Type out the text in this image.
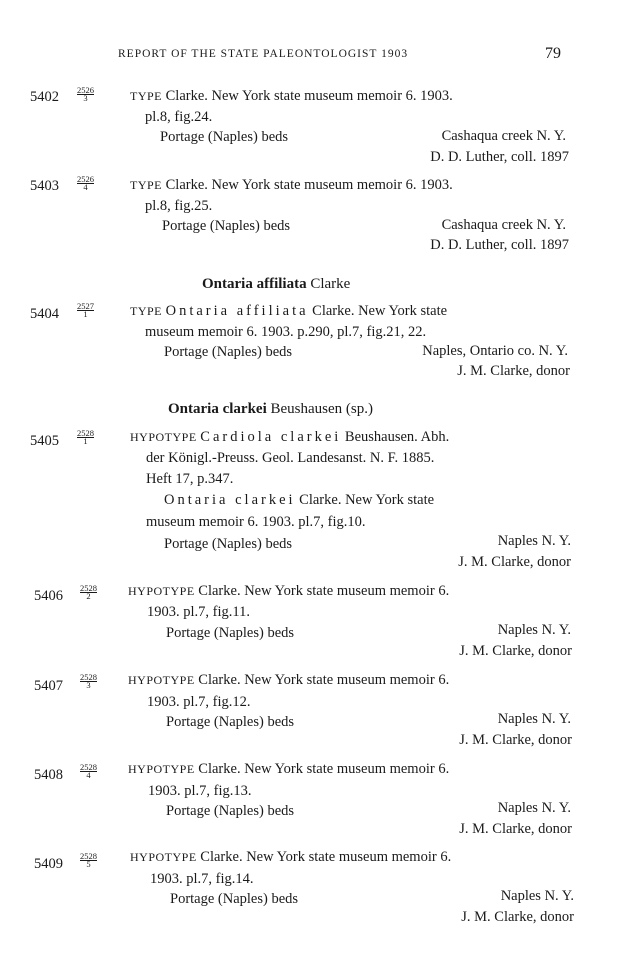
REPORT OF THE STATE PALEONTOLOGIST 1903	79
$5402 \frac{2526}{3}$	TYPE Clarke. New York state museum memoir 6. 1903.
pl.8, fig.24.
Portage (Naples) beds	Cashaqua creek N. Y.
D. D. Luther, coll. 1897
$5403 \frac{2526}{4}$	TYPE Clarke. New York state museum memoir 6. 1903.
pl.8, fig.25.
Portage (Naples) beds	Cashaqua creek N. Y.
D. D. Luther, coll. 1897
Ontaria affiliata Clarke
$5404 \frac{2527}{1}$	TYPE Ontaria affiliata Clarke. New York state
museum memoir 6. 1903. p.290, pl.7, fig.21, 22.
Portage (Naples) beds	Naples, Ontario co. N. Y.
J. M. Clarke, donor
Ontaria clarkei Beushausen (sp.)
$5405 \frac{2528}{1}$	HYPOTYPE Cardiola clarkei Beushausen. Abh.
der Königl.-Preuss. Geol. Landesanst. N. F. 1885.
Heft 17, p.347.
Ontaria clarkei Clarke. New York state
museum memoir 6. 1903. pl.7, fig.10.
Portage (Naples) beds	Naples N. Y.
J. M. Clarke, donor
$5406 \frac{2528}{2}$	HYPOTYPE Clarke. New York state museum memoir 6.
1903. pl.7, fig.11.
Portage (Naples) beds	Naples N. Y.
J. M. Clarke, donor
$5407 \frac{2528}{3}$	HYPOTYPE Clarke. New York state museum memoir 6.
1903. pl.7, fig.12.
Portage (Naples) beds	Naples N. Y.
J. M. Clarke, donor
$5408 \frac{2528}{4}$	HYPOTYPE Clarke. New York state museum memoir 6.
1903. pl.7, fig.13.
Portage (Naples) beds	Naples N. Y.
J. M. Clarke, donor
$5409 \frac{2528}{5}$	HYPOTYPE Clarke. New York state museum memoir 6.
1903. pl.7, fig.14.
Portage (Naples) beds	Naples N. Y.
J. M. Clarke, donor
